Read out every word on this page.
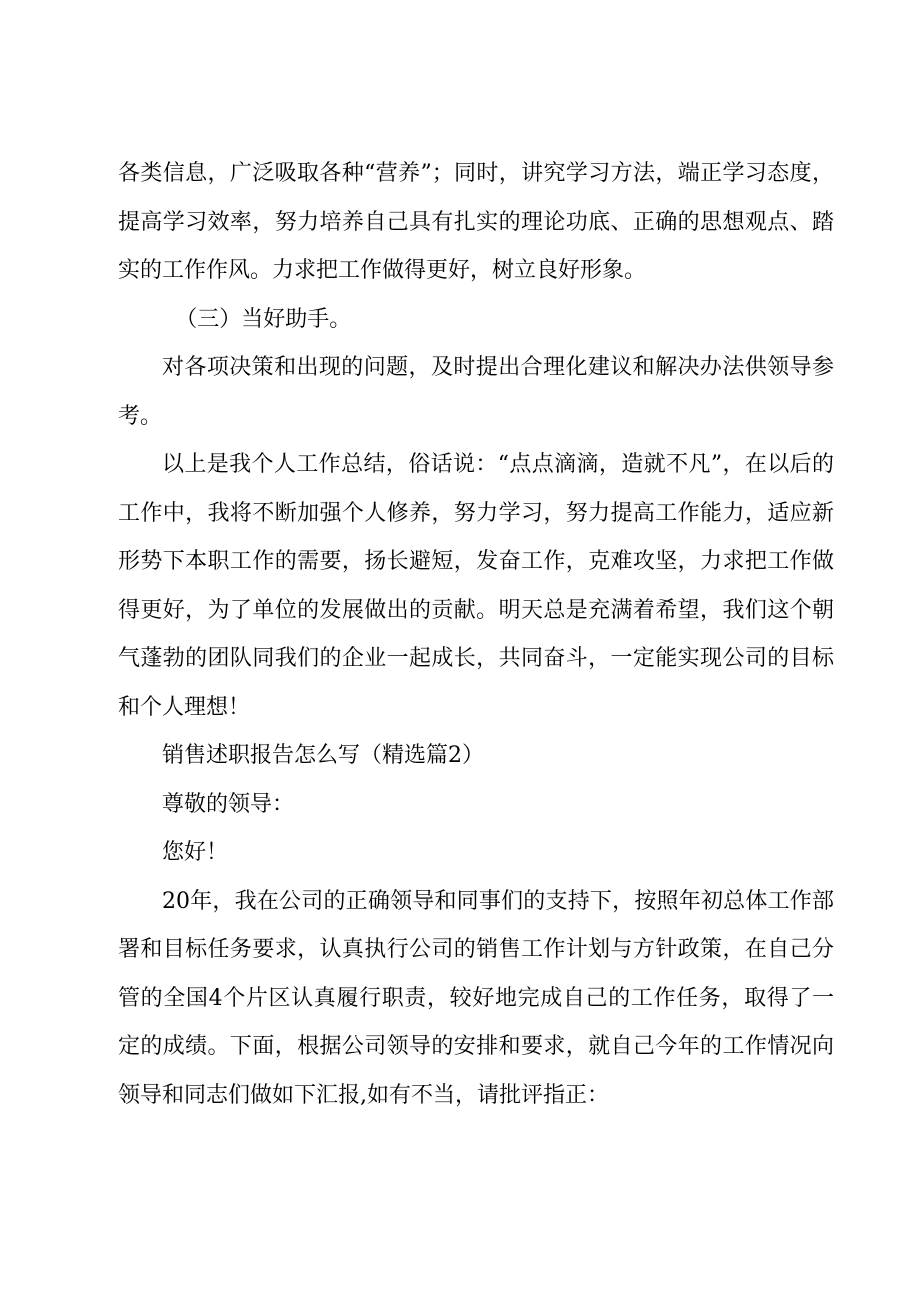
各类信息，广泛吸取各种“营养”；同时，讲究学习方法，端正学习态度，提高学习效率，努力培养自己具有扎实的理论功底、正确的思想观点、踏实的工作作风。力求把工作做得更好，树立良好形象。

（三）当好助手。

对各项决策和出现的问题，及时提出合理化建议和解决办法供领导参考。

以上是我个人工作总结，俗话说：“点点滴滴，造就不凡”，在以后的工作中，我将不断加强个人修养，努力学习，努力提高工作能力，适应新形势下本职工作的需要，扬长避短，发奋工作，克难攻坚，力求把工作做得更好，为了单位的发展做出的贡献。明天总是充满着希望，我们这个朝气蓬勃的团队同我们的企业一起成长，共同奋斗，一定能实现公司的目标和个人理想！

销售述职报告怎么写（精选篇2）

尊敬的领导：

您好！

20年，我在公司的正确领导和同事们的支持下，按照年初总体工作部署和目标任务要求，认真执行公司的销售工作计划与方针政策，在自己分管的全国4个片区认真履行职责，较好地完成自己的工作任务，取得了一定的成绩。下面，根据公司领导的安排和要求，就自己今年的工作情况向领导和同志们做如下汇报,如有不当，请批评指正：
